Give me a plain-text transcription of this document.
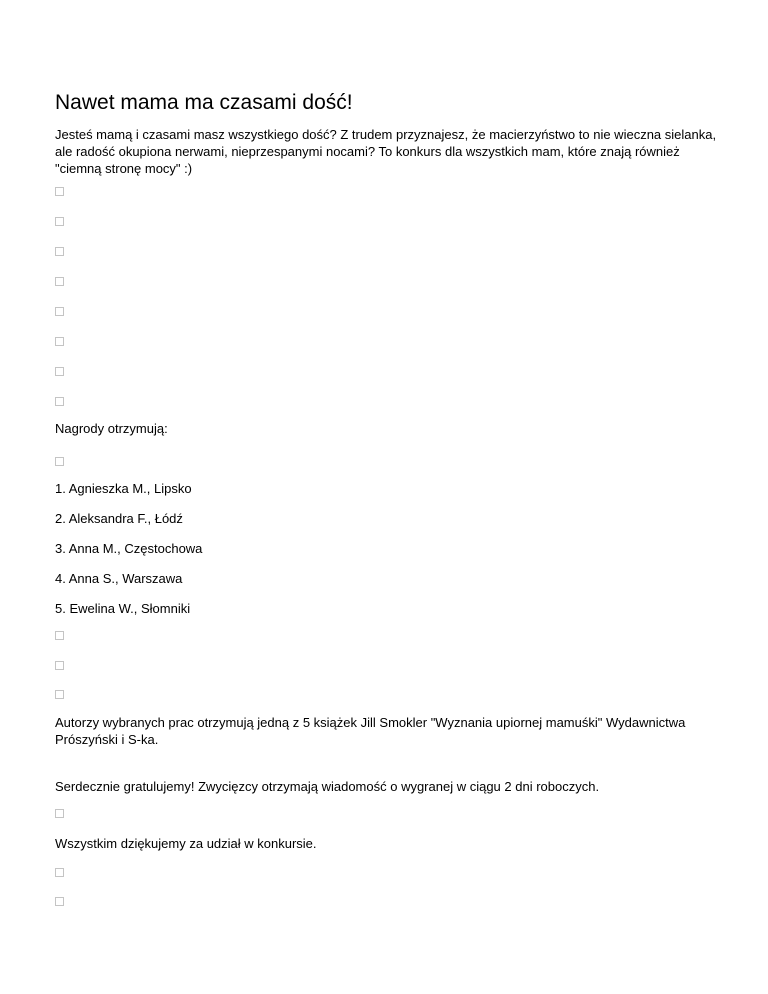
Nawet mama ma czasami dość!
Jesteś mamą i czasami masz wszystkiego dość? Z trudem przyznajesz, że macierzyństwo to nie wieczna sielanka, ale radość okupiona nerwami, nieprzespanymi nocami? To konkurs dla wszystkich mam, które znają również "ciemną stronę mocy" :)
Nagrody otrzymują:
1. Agnieszka M., Lipsko
2. Aleksandra F., Łódź
3. Anna M., Częstochowa
4. Anna S., Warszawa
5. Ewelina W., Słomniki
Autorzy wybranych prac otrzymują jedną z 5 książek Jill Smokler "Wyznania upiornej mamuśki" Wydawnictwa Prószyński i S-ka.
Serdecznie gratulujemy! Zwycięzcy otrzymają wiadomość o wygranej w ciągu 2 dni roboczych.
Wszystkim dziękujemy za udział w konkursie.
